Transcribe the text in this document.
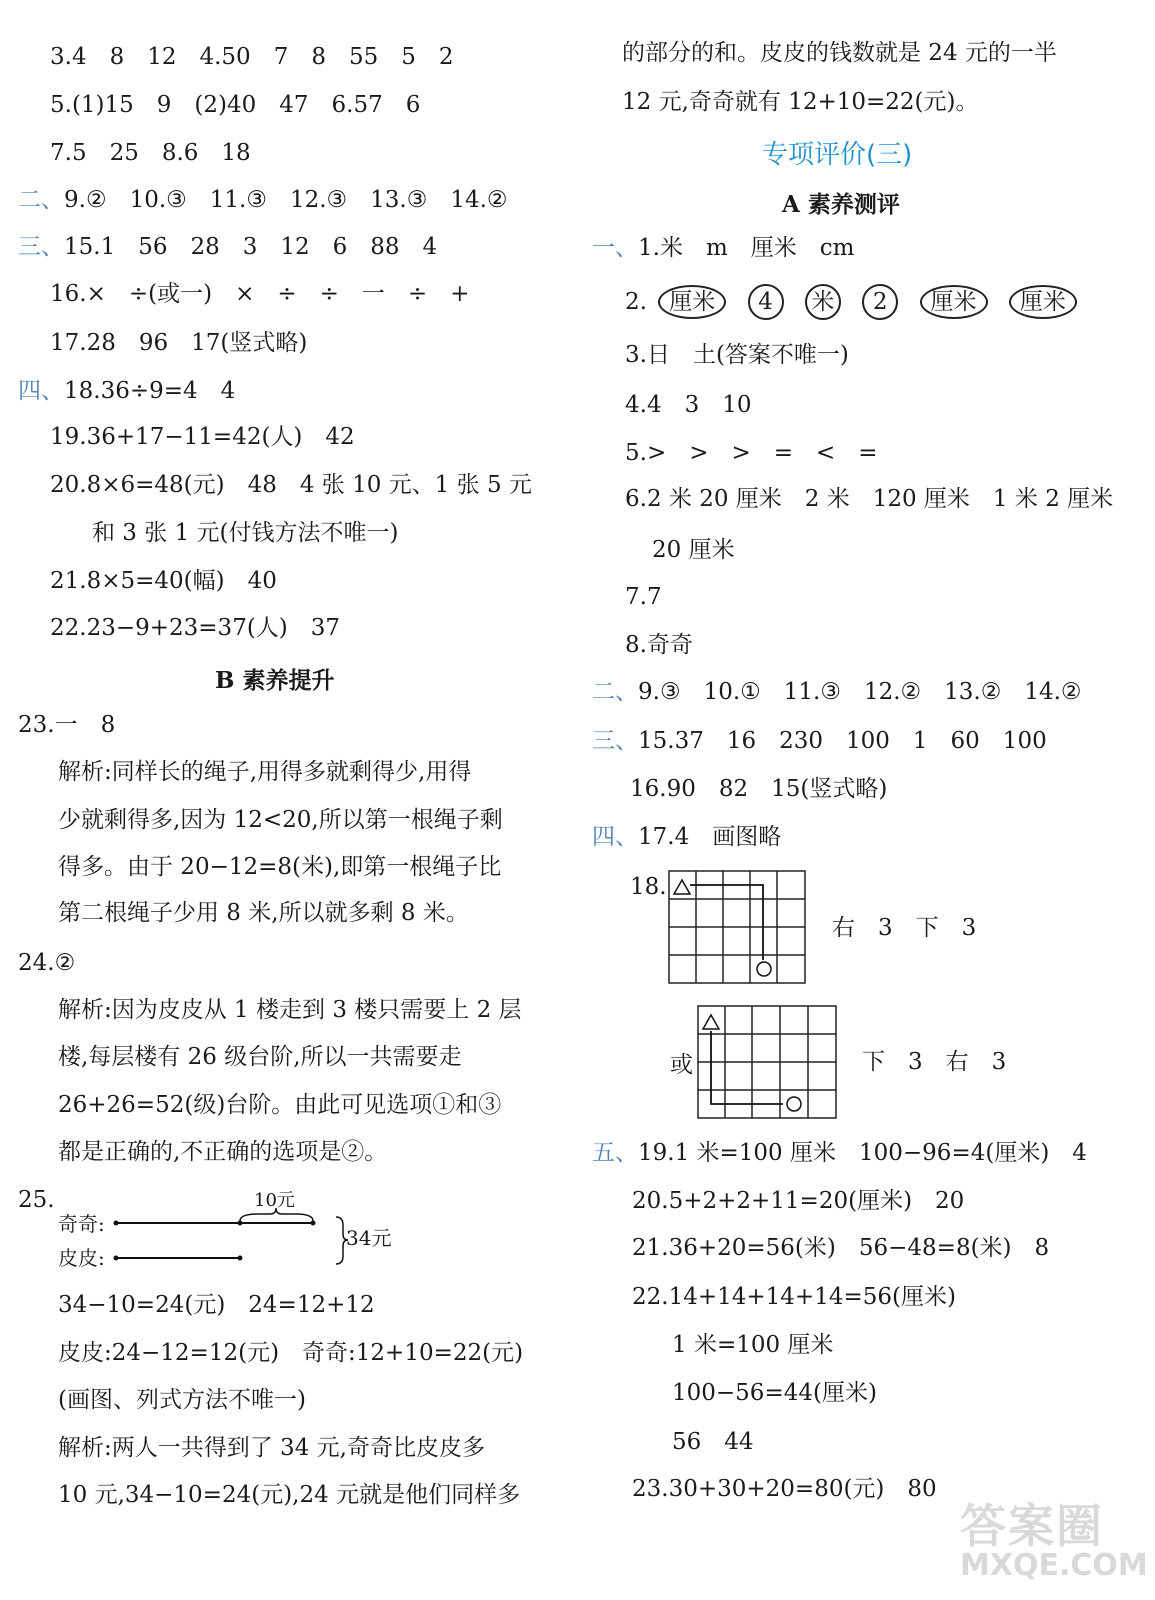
3.4　8　12　4.50　7　8　55　5　2
5.(1)15　9　(2)40　47　6.57　6
7.5　25　8.6　18
二、9.②　10.③　11.③　12.③　13.③　14.②
三、15.1　56　28　3　12　6　88　4
16.×　÷(或一)　×　÷　÷　一　÷　+
17.28　96　17(竖式略)
四、18.36÷9=4　4
19.36+17−11=42(人)　42
20.8×6=48(元)　48　4 张 10 元、1 张 5 元
和 3 张 1 元(付钱方法不唯一)
21.8×5=40(幅)　40
22.23−9+23=37(人)　37
B 素养提升
23.一　8
解析:同样长的绳子,用得多就剩得少,用得
少就剩得多,因为 12<20,所以第一根绳子剩
得多。由于 20−12=8(米),即第一根绳子比
第二根绳子少用 8 米,所以就多剩 8 米。
24.②
解析:因为皮皮从 1 楼走到 3 楼只需要上 2 层
楼,每层楼有 26 级台阶,所以一共需要走
26+26=52(级)台阶。由此可见选项①和③
都是正确的,不正确的选项是②。
25.
奇奇:
皮皮:
10元
34元
34−10=24(元)　24=12+12
皮皮:24−12=12(元)　奇奇:12+10=22(元)
(画图、列式方法不唯一)
解析:两人一共得到了 34 元,奇奇比皮皮多
10 元,34−10=24(元),24 元就是他们同样多
的部分的和。皮皮的钱数就是 24 元的一半
12 元,奇奇就有 12+10=22(元)。
专项评价(三)
A 素养测评
一、1.米　m　厘米　cm
2. 厘米 4 米 2 厘米 厘米
3.日　土(答案不唯一)
4.4　3　10
5.>　>　>　=　<　=
6.2 米 20 厘米　2 米　120 厘米　1 米 2 厘米
20 厘米
7.7
8.奇奇
二、9.③　10.①　11.③　12.②　13.②　14.②
三、15.37　16　230　100　1　60　100
16.90　82　15(竖式略)
四、17.4　画图略
18.
右　3　下　3
或	下　3　右　3
五、19.1 米=100 厘米　100−96=4(厘米)　4
20.5+2+2+11=20(厘米)　20
21.36+20=56(米)　56−48=8(米)　8
22.14+14+14+14=56(厘米)
1 米=100 厘米
100−56=44(厘米)
56　44
23.30+30+20=80(元)　80
答案圈
MXQE.COM
